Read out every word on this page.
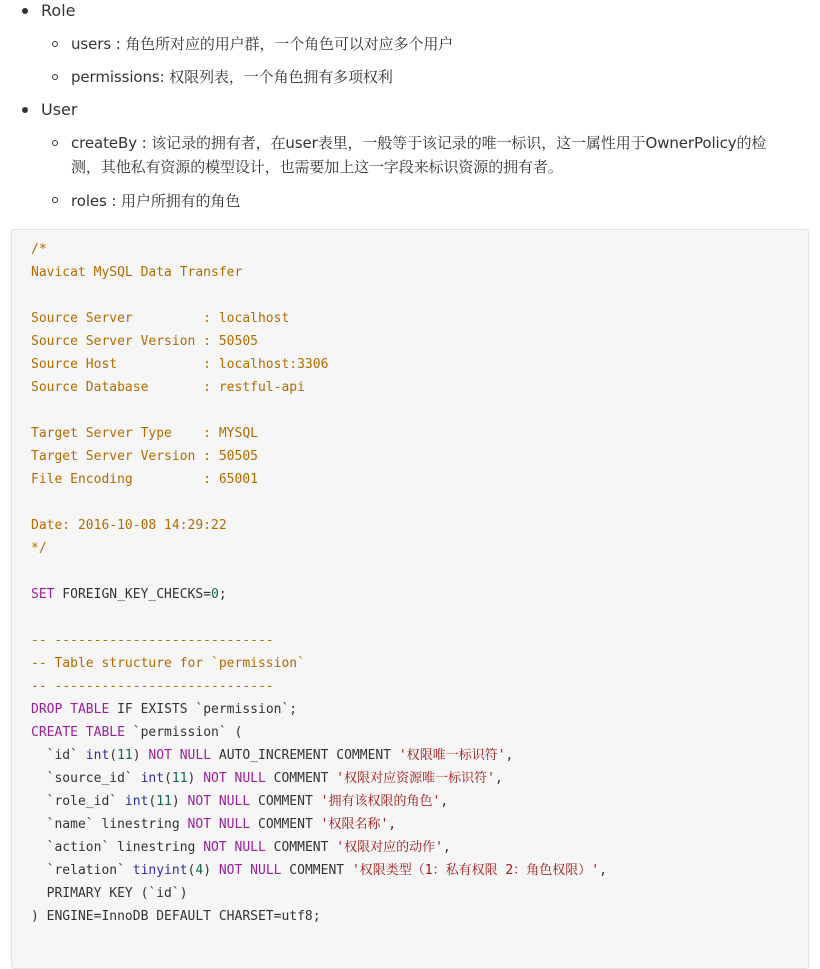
Role
users : 角色所对应的用户群，一个角色可以对应多个用户
permissions: 权限列表，一个角色拥有多项权利
User
createBy : 该记录的拥有者，在user表里，一般等于该记录的唯一标识，这一属性用于OwnerPolicy的检
测，其他私有资源的模型设计，也需要加上这一字段来标识资源的拥有者。
roles : 用户所拥有的角色
/*
Navicat MySQL Data Transfer
Source Server         : localhost
Source Server Version : 50505
Source Host           : localhost:3306
Source Database       : restful-api
Target Server Type    : MYSQL
Target Server Version : 50505
File Encoding         : 65001
Date: 2016-10-08 14:29:22
*/
SET FOREIGN_KEY_CHECKS=0;
-- ----------------------------
-- Table structure for `permission`
-- ----------------------------
DROP TABLE IF EXISTS `permission`;
CREATE TABLE `permission` (
`id` int(11) NOT NULL AUTO_INCREMENT COMMENT '权限唯一标识符',
`source_id` int(11) NOT NULL COMMENT '权限对应资源唯一标识符',
`role_id` int(11) NOT NULL COMMENT '拥有该权限的角色',
`name` linestring NOT NULL COMMENT '权限名称',
`action` linestring NOT NULL COMMENT '权限对应的动作',
`relation` tinyint(4) NOT NULL COMMENT '权限类型（1：私有权限 2：角色权限）',
PRIMARY KEY (`id`)
) ENGINE=InnoDB DEFAULT CHARSET=utf8;
